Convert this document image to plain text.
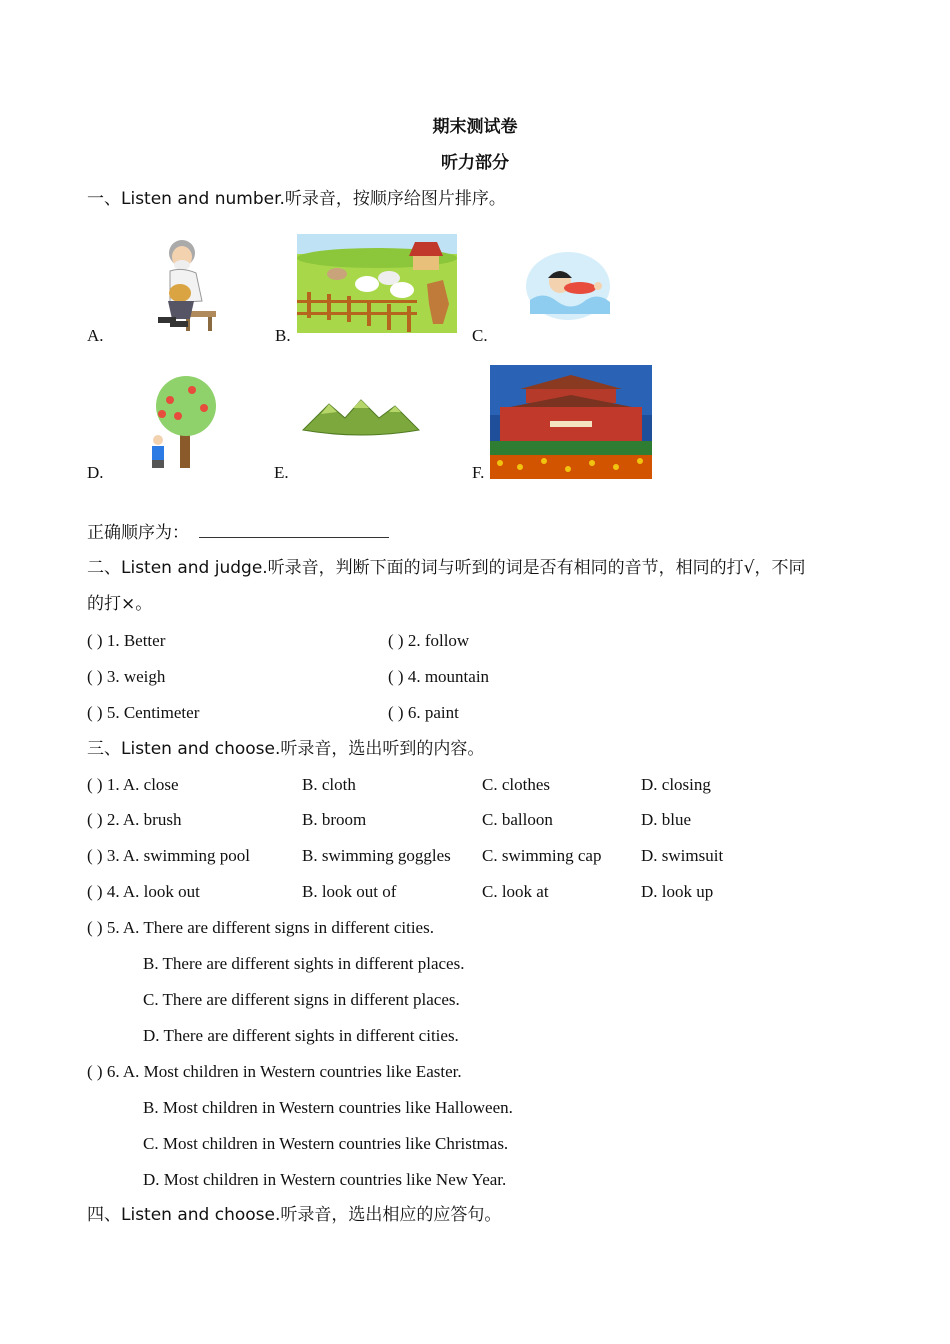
期末测试卷
听力部分
一、Listen and number.听录音，按顺序给图片排序。
A.	B.	C.
D.	E.	F.
正确顺序为：
二、Listen and judge.听录音，判断下面的词与听到的词是否有相同的音节，相同的打√，不同
的打×。
( ) 1. Better	( ) 2. follow
( ) 3. weigh	( ) 4. mountain
( ) 5. Centimeter	( ) 6. paint
三、Listen and choose.听录音，选出听到的内容。
( ) 1. A. close	B. cloth	C. clothes	D. closing
( ) 2. A. brush	B. broom	C. balloon	D. blue
( ) 3. A. swimming pool	B. swimming goggles C. swimming cap D. swimsuit
( ) 4. A. look out	B. look out of	C. look at	D. look up
( ) 5. A. There are different signs in different cities.
B. There are different sights in different places.
C. There are different signs in different places.
D. There are different sights in different cities.
( ) 6. A. Most children in Western countries like Easter.
B. Most children in Western countries like Halloween.
C. Most children in Western countries like Christmas.
D. Most children in Western countries like New Year.
四、Listen and choose.听录音，选出相应的应答句。
